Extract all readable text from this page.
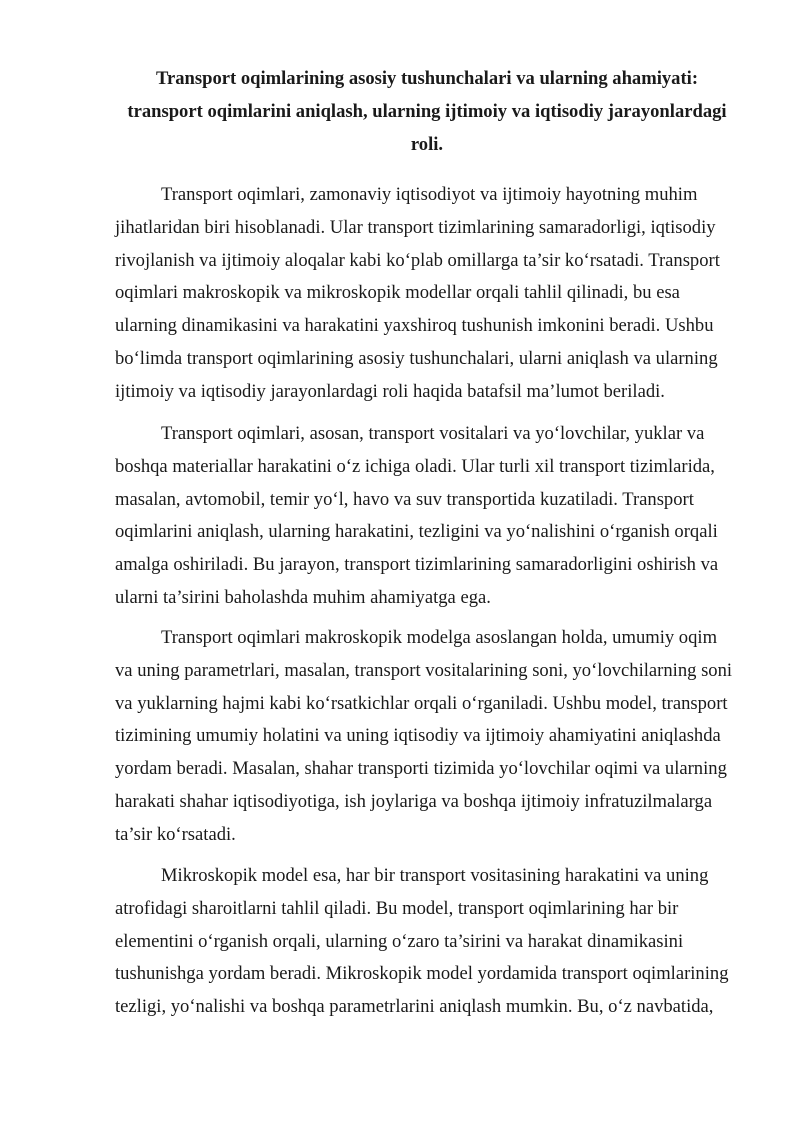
Transport oqimlarining asosiy tushunchalari va ularning ahamiyati:
transport oqimlarini aniqlash, ularning ijtimoiy va iqtisodiy jarayonlardagi
roli.
Transport oqimlari, zamonaviy iqtisodiyot va ijtimoiy hayotning muhim
jihatlaridan biri hisoblanadi. Ular transport tizimlarining samaradorligi, iqtisodiy
rivojlanish va ijtimoiy aloqalar kabi ko‘plab omillarga ta’sir ko‘rsatadi. Transport
oqimlari makroskopik va mikroskopik modellar orqali tahlil qilinadi, bu esa
ularning dinamikasini va harakatini yaxshiroq tushunish imkonini beradi. Ushbu
bo‘limda transport oqimlarining asosiy tushunchalari, ularni aniqlash va ularning
ijtimoiy va iqtisodiy jarayonlardagi roli haqida batafsil ma’lumot beriladi.
Transport oqimlari, asosan, transport vositalari va yo‘lovchilar, yuklar va
boshqa materiallar harakatini o‘z ichiga oladi. Ular turli xil transport tizimlarida,
masalan, avtomobil, temir yo‘l, havo va suv transportida kuzatiladi. Transport
oqimlarini aniqlash, ularning harakatini, tezligini va yo‘nalishini o‘rganish orqali
amalga oshiriladi. Bu jarayon, transport tizimlarining samaradorligini oshirish va
ularni ta’sirini baholashda muhim ahamiyatga ega.
Transport oqimlari makroskopik modelga asoslangan holda, umumiy oqim
va uning parametrlari, masalan, transport vositalarining soni, yo‘lovchilarning soni
va yuklarning hajmi kabi ko‘rsatkichlar orqali o‘rganiladi. Ushbu model, transport
tizimining umumiy holatini va uning iqtisodiy va ijtimoiy ahamiyatini aniqlashda
yordam beradi. Masalan, shahar transporti tizimida yo‘lovchilar oqimi va ularning
harakati shahar iqtisodiyotiga, ish joylariga va boshqa ijtimoiy infratuzilmalarga
ta’sir ko‘rsatadi.
Mikroskopik model esa, har bir transport vositasining harakatini va uning
atrofidagi sharoitlarni tahlil qiladi. Bu model, transport oqimlarining har bir
elementini o‘rganish orqali, ularning o‘zaro ta’sirini va harakat dinamikasini
tushunishga yordam beradi. Mikroskopik model yordamida transport oqimlarining
tezligi, yo‘nalishi va boshqa parametrlarini aniqlash mumkin. Bu, o‘z navbatida,
